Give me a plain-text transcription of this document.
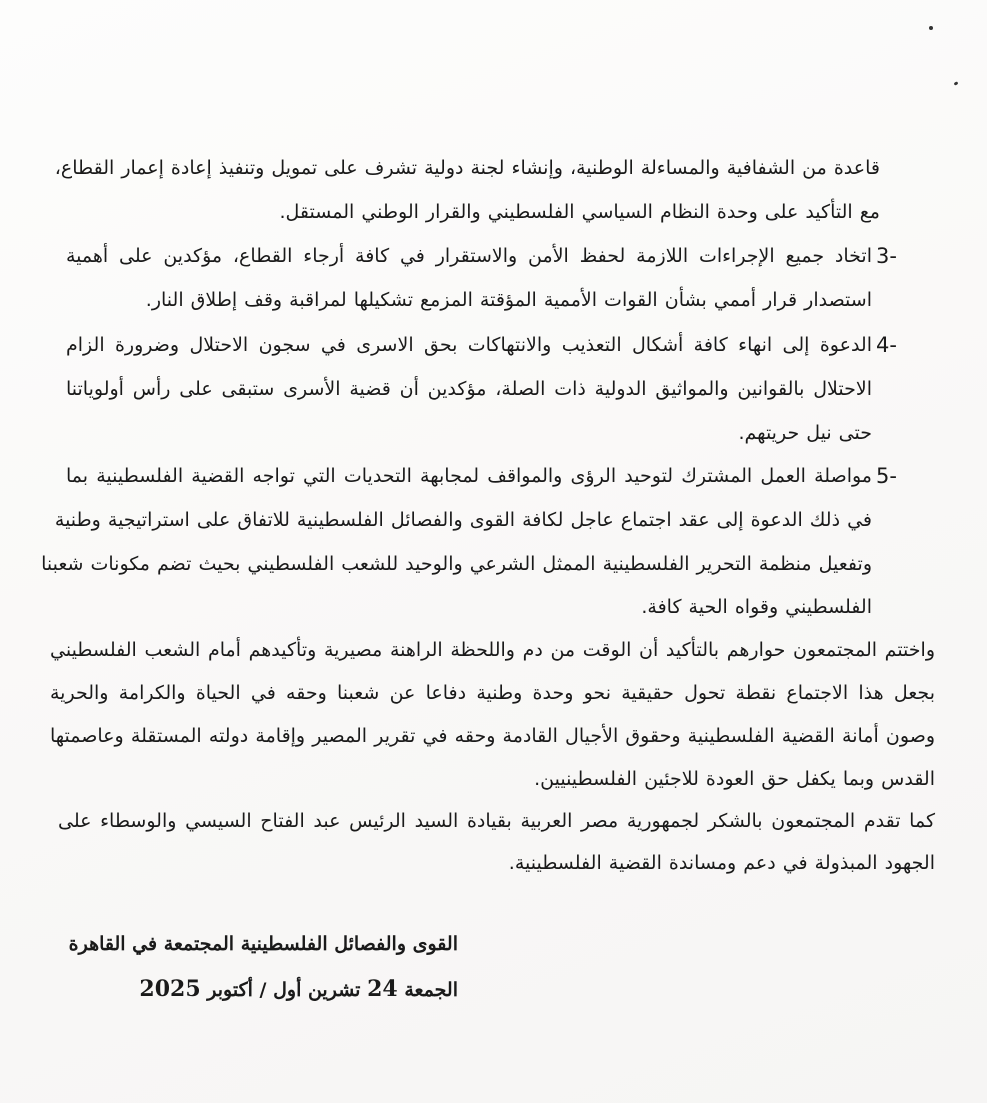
قاعدة من الشفافية والمساءلة الوطنية، وإنشاء لجنة دولية تشرف على تمويل وتنفيذ إعادة إعمار القطاع،
مع التأكيد على وحدة النظام السياسي الفلسطيني والقرار الوطني المستقل.
اتخاد جميع الإجراءات اللازمة لحفظ الأمن والاستقرار في كافة أرجاء القطاع، مؤكدين على أهمية 3-
استصدار قرار أممي بشأن القوات الأممية المؤقتة المزمع تشكيلها لمراقبة وقف إطلاق النار.
الدعوة إلى انهاء كافة أشكال التعذيب والانتهاكات بحق الاسرى في سجون الاحتلال وضرورة الزام 4-
الاحتلال بالقوانين والمواثيق الدولية ذات الصلة، مؤكدين أن قضية الأسرى ستبقى على رأس أولوياتنا
حتى نيل حريتهم.
مواصلة العمل المشترك لتوحيد الرؤى والمواقف لمجابهة التحديات التي تواجه القضية الفلسطينية بما 5-
في ذلك الدعوة إلى عقد اجتماع عاجل لكافة القوى والفصائل الفلسطينية للاتفاق على استراتيجية وطنية
وتفعيل منظمة التحرير الفلسطينية الممثل الشرعي والوحيد للشعب الفلسطيني بحيث تضم مكونات شعبنا
الفلسطيني وقواه الحية كافة.
واختتم المجتمعون حوارهم بالتأكيد أن الوقت من دم واللحظة الراهنة مصيرية وتأكيدهم أمام الشعب الفلسطيني
بجعل هذا الاجتماع نقطة تحول حقيقية نحو وحدة وطنية دفاعا عن شعبنا وحقه في الحياة والكرامة والحرية
وصون أمانة القضية الفلسطينية وحقوق الأجيال القادمة وحقه في تقرير المصير وإقامة دولته المستقلة وعاصمتها
القدس وبما يكفل حق العودة للاجئين الفلسطينيين.
كما تقدم المجتمعون بالشكر لجمهورية مصر العربية بقيادة السيد الرئيس عبد الفتاح السيسي والوسطاء على
الجهود المبذولة في دعم ومساندة القضية الفلسطينية.
القوى والفصائل الفلسطينية المجتمعة في القاهرة
الجمعة 24 تشرين أول / أكتوبر 2025
